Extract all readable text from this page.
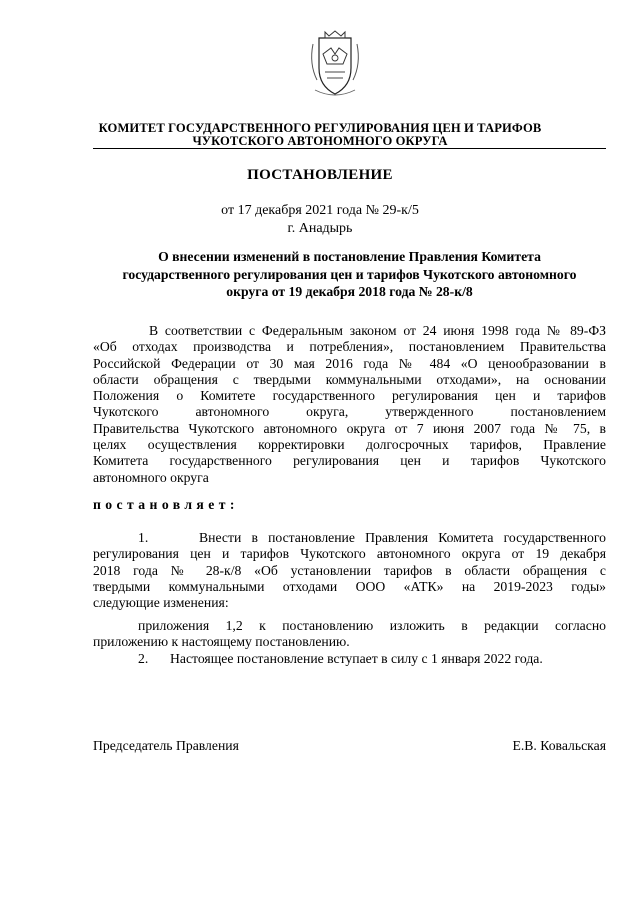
КОМИТЕТ ГОСУДАРСТВЕННОГО РЕГУЛИРОВАНИЯ ЦЕН И ТАРИФОВ
ЧУКОТСКОГО АВТОНОМНОГО ОКРУГА
ПОСТАНОВЛЕНИЕ
от 17 декабря 2021 года № 29-к/5
г. Анадырь
О внесении изменений в постановление Правления Комитета
государственного регулирования цен и тарифов Чукотского автономного
округа от 19 декабря 2018 года № 28-к/8
В соответствии с Федеральным законом от 24 июня 1998 года № 89-ФЗ
«Об отходах производства и потребления», постановлением Правительства
Российской Федерации от 30 мая 2016 года № 484 «О ценообразовании в
области обращения с твердыми коммунальными отходами», на основании
Положения о Комитете государственного регулирования цен и тарифов
Чукотского автономного округа, утвержденного постановлением
Правительства Чукотского автономного округа от 7 июня 2007 года № 75, в
целях осуществления корректировки долгосрочных тарифов, Правление
Комитета государственного регулирования цен и тарифов Чукотского
автономного округа
постановляет:
1.	Внести в постановление Правления Комитета государственного
регулирования цен и тарифов Чукотского автономного округа от 19 декабря
2018 года № 28-к/8 «Об установлении тарифов в области обращения с
твердыми коммунальными отходами ООО «АТК» на 2019-2023 годы»
следующие изменения:
приложения 1,2 к постановлению изложить в редакции согласно
приложению к настоящему постановлению.
2. Настоящее постановление вступает в силу с 1 января 2022 года.
Председатель Правления	Е.В. Ковальская
